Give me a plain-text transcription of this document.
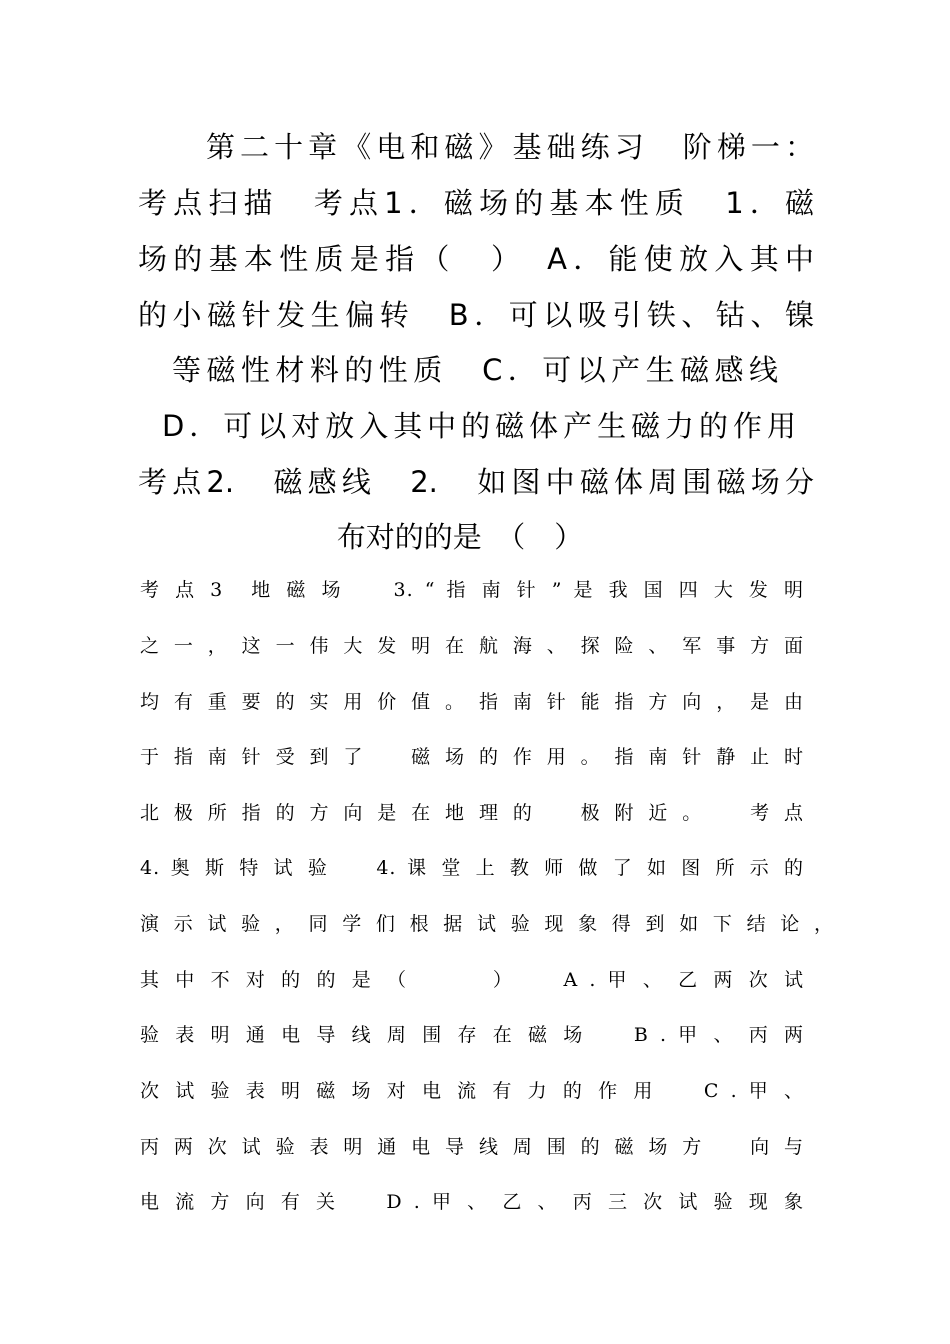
第二十章《电和磁》基础练习　阶梯一：
考点扫描　考点1．磁场的基本性质　1．磁
场的基本性质是指（　）　A．能使放入其中
的小磁针发生偏转　B．可以吸引铁、钴、镍
等磁性材料的性质　C．可以产生磁感线
D．可以对放入其中的磁体产生磁力的作用
考点2.　磁感线　2.　如图中磁体周围磁场分
布对的的是　（　）
考 点 3　地 磁 场　　3. “ 指 南 针 ” 是 我 国 四 大 发 明
之 一 ， 这 一 伟 大 发 明 在 航 海 、 探 险 、 军 事 方 面
均 有 重 要 的 实 用 价 值 。 指 南 针 能 指 方 向 ， 是 由
于 指 南 针 受 到 了 　 磁 场 的 作 用 。 指 南 针 静 止 时
北 极 所 指 的 方 向 是 在 地 理 的 　 极 附 近 。 　 考 点
4. 奥 斯 特 试 验 　 4. 课 堂 上 教 师 做 了 如 图 所 示 的
演 示 试 验 ， 同 学 们 根 据 试 验 现 象 得 到 如 下 结 论 ，
其 中 不 对 的 的 是 （ 　 　 ） 　 A . 甲 、 乙 两 次 试
验 表 明 通 电 导 线 周 围 存 在 磁 场 　 B . 甲 、 丙 两
次 试 验 表 明 磁 场 对 电 流 有 力 的 作 用 　 C . 甲 、
丙 两 次 试 验 表 明 通 电 导 线 周 围 的 磁 场 方 　 向 与
电 流 方 向 有 关 　 D . 甲 、 乙 、 丙 三 次 试 验 现 象
